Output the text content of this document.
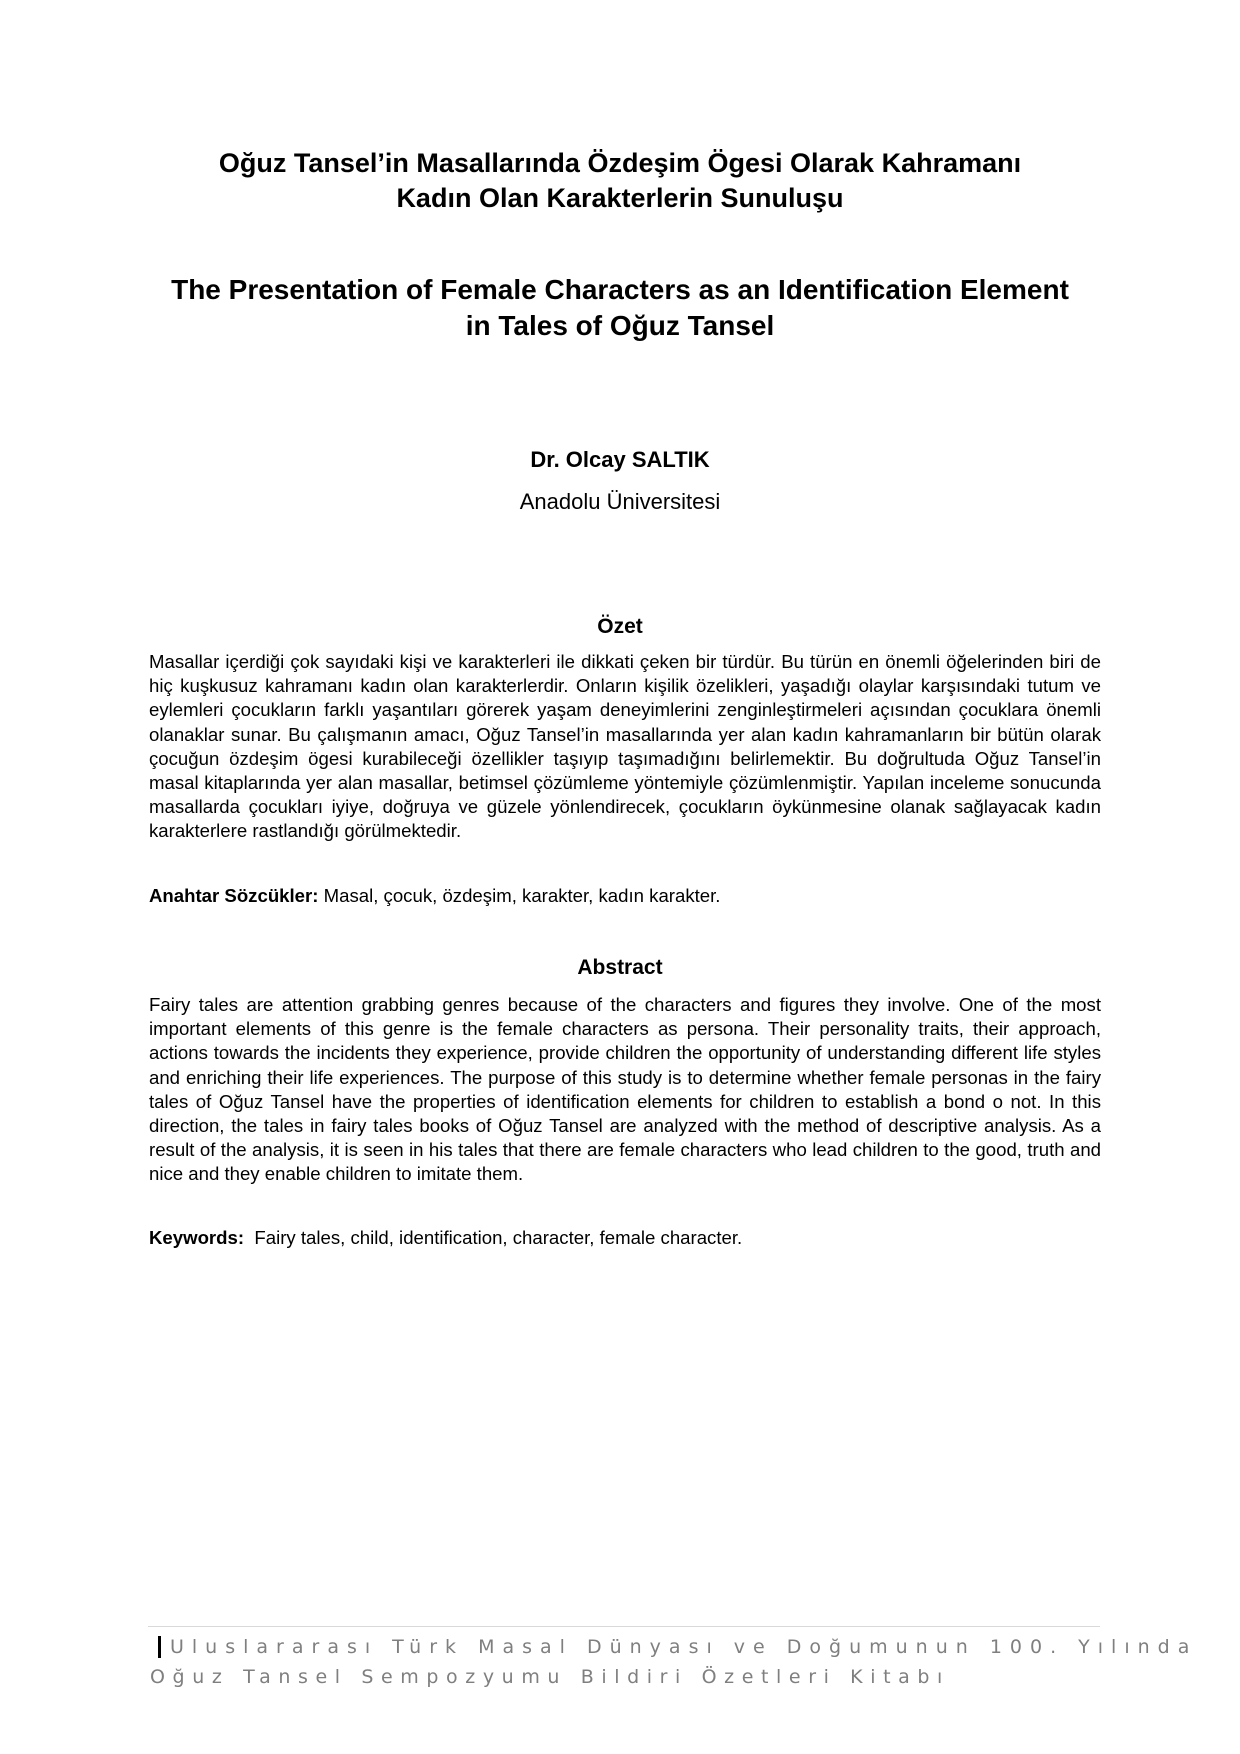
Oğuz Tansel’in Masallarında Özdeşim Ögesi Olarak Kahramanı
Kadın Olan Karakterlerin Sunuluşu
The Presentation of Female Characters as an Identification Element
in Tales of Oğuz Tansel
Dr. Olcay SALTIK
Anadolu Üniversitesi
Özet

Masallar içerdiği çok sayıdaki kişi ve karakterleri ile dikkati çeken bir türdür. Bu türün en önemli öğelerinden biri de hiç kuşkusuz kahramanı kadın olan karakterlerdir. Onların kişilik özelikleri, yaşadığı olaylar karşısındaki tutum ve eylemleri çocukların farklı yaşantıları görerek yaşam deneyimlerini zenginleştirmeleri açısından çocuklara önemli olanaklar sunar. Bu çalışmanın amacı, Oğuz Tansel’in masallarında yer alan kadın kahramanların bir bütün olarak çocuğun özdeşim ögesi kurabileceği özellikler taşıyıp taşımadığını belirlemektir. Bu doğrultuda Oğuz Tansel’in masal kitaplarında yer alan masallar, betimsel çözümleme yöntemiyle çözümlenmiştir. Yapılan inceleme sonucunda masallarda çocukları iyiye, doğruya ve güzele yönlendirecek, çocukların öykünmesine olanak sağlayacak kadın karakterlere rastlandığı görülmektedir.

Anahtar Sözcükler: Masal, çocuk, özdeşim, karakter, kadın karakter.

Abstract

Fairy tales are attention grabbing genres because of the characters and figures they involve. One of the most important elements of this genre is the female characters as persona. Their personality traits, their approach, actions towards the incidents they experience, provide children the opportunity of understanding different life styles and enriching their life experiences. The purpose of this study is to determine whether female personas in the fairy tales of Oğuz Tansel have the properties of identification elements for children to establish a bond o not. In this direction, the tales in fairy tales books of Oğuz Tansel are analyzed with the method of descriptive analysis. As a result of the analysis, it is seen in his tales that there are female characters who lead children to the good, truth and nice and they enable children to imitate them.

Keywords:  Fairy tales, child, identification, character, female character.

Uluslararası Türk Masal Dünyası ve Doğumunun 100. Yılında
Oğuz Tansel Sempozyumu Bildiri Özetleri Kitabı
